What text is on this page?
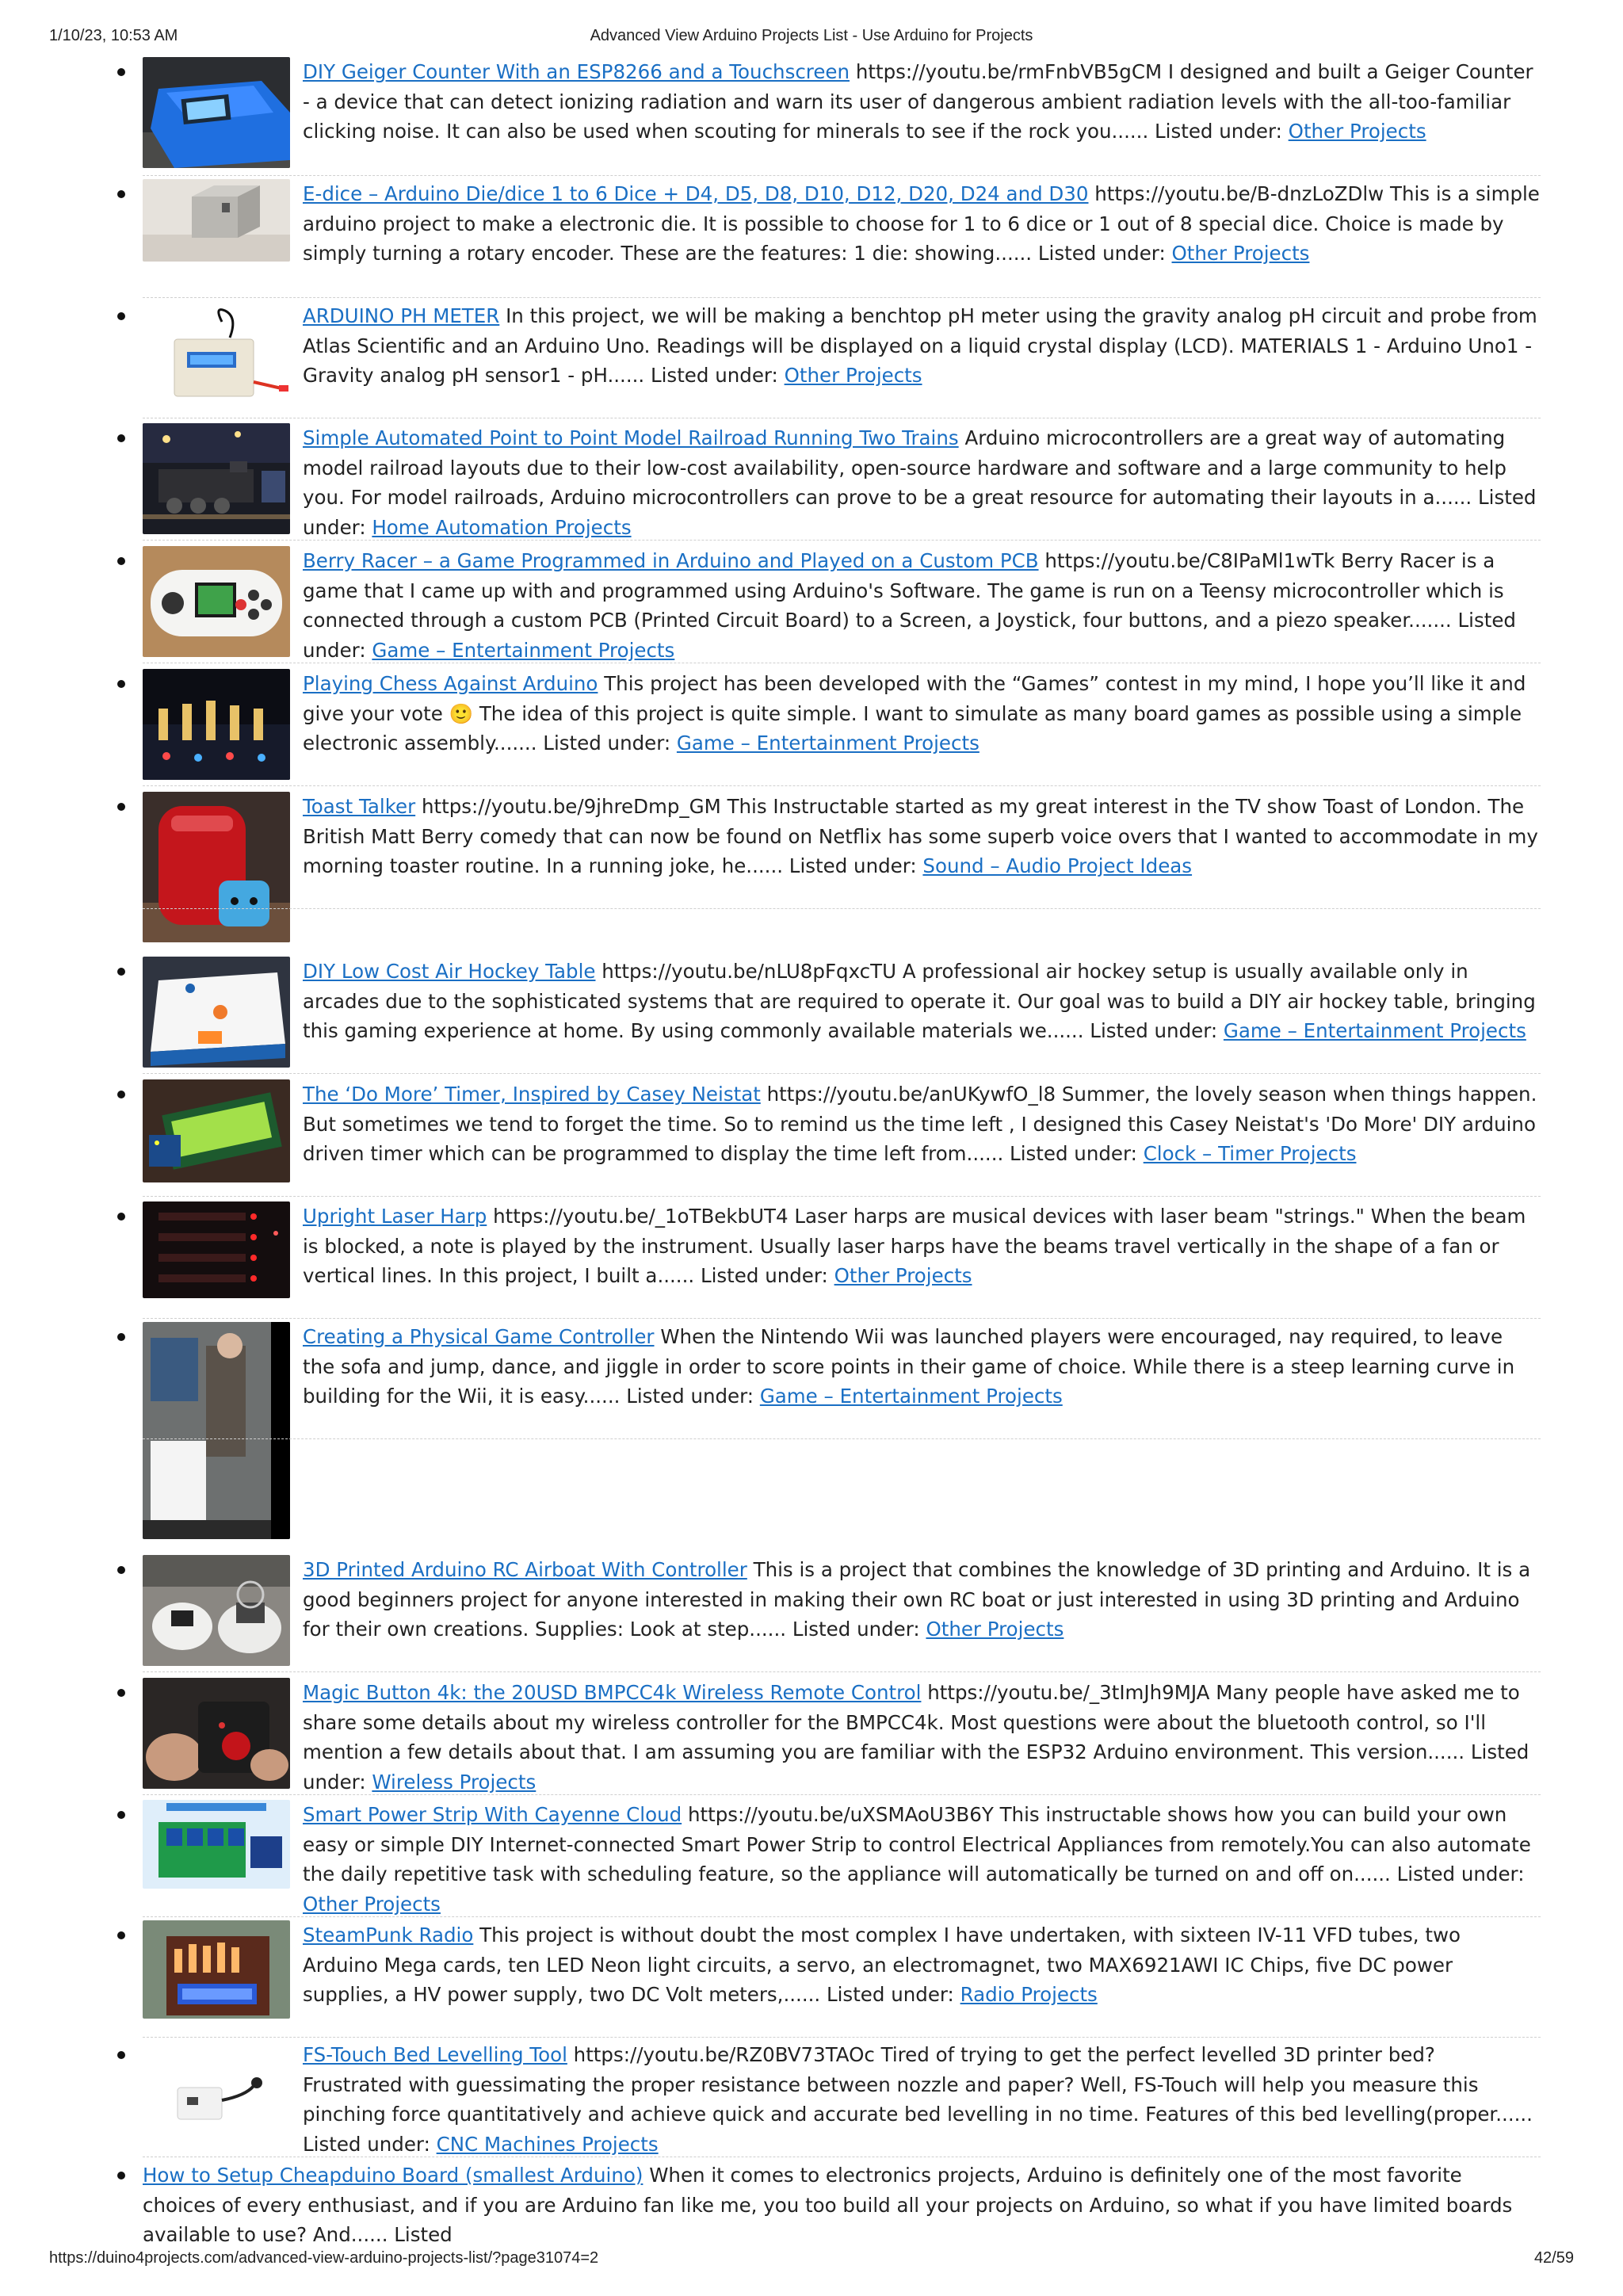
1/10/23, 10:53 AM	Advanced View Arduino Projects List - Use Arduino for Projects
DIY Geiger Counter With an ESP8266 and a Touchscreen https://youtu.be/rmFnbVB5gCM I designed and built a Geiger Counter - a device that can detect ionizing radiation and warn its user of dangerous ambient radiation levels with the all-too-familiar clicking noise. It can also be used when scouting for minerals to see if the rock you...... Listed under: Other Projects
E-dice – Arduino Die/dice 1 to 6 Dice + D4, D5, D8, D10, D12, D20, D24 and D30 https://youtu.be/B-dnzLoZDlw This is a simple arduino project to make a electronic die. It is possible to choose for 1 to 6 dice or 1 out of 8 special dice. Choice is made by simply turning a rotary encoder. These are the features: 1 die: showing...... Listed under: Other Projects
ARDUINO PH METER In this project, we will be making a benchtop pH meter using the gravity analog pH circuit and probe from Atlas Scientific and an Arduino Uno. Readings will be displayed on a liquid crystal display (LCD). MATERIALS 1 - Arduino Uno1 - Gravity analog pH sensor1 - pH...... Listed under: Other Projects
Simple Automated Point to Point Model Railroad Running Two Trains Arduino microcontrollers are a great way of automating model railroad layouts due to their low-cost availability, open-source hardware and software and a large community to help you. For model railroads, Arduino microcontrollers can prove to be a great resource for automating their layouts in a...... Listed under: Home Automation Projects
Berry Racer – a Game Programmed in Arduino and Played on a Custom PCB https://youtu.be/C8IPaMl1wTk Berry Racer is a game that I came up with and programmed using Arduino's Software. The game is run on a Teensy microcontroller which is connected through a custom PCB (Printed Circuit Board) to a Screen, a Joystick, four buttons, and a piezo speaker....... Listed under: Game – Entertainment Projects
Playing Chess Against Arduino This project has been developed with the “Games” contest in my mind, I hope you’ll like it and give your vote 🙂 The idea of this project is quite simple. I want to simulate as many board games as possible using a simple electronic assembly....... Listed under: Game – Entertainment Projects
Toast Talker https://youtu.be/9jhreDmp_GM This Instructable started as my great interest in the TV show Toast of London. The British Matt Berry comedy that can now be found on Netflix has some superb voice overs that I wanted to accommodate in my morning toaster routine. In a running joke, he...... Listed under: Sound – Audio Project Ideas
DIY Low Cost Air Hockey Table https://youtu.be/nLU8pFqxcTU A professional air hockey setup is usually available only in arcades due to the sophisticated systems that are required to operate it. Our goal was to build a DIY air hockey table, bringing this gaming experience at home. By using commonly available materials we...... Listed under: Game – Entertainment Projects
The ‘Do More’ Timer, Inspired by Casey Neistat https://youtu.be/anUKywfO_l8 Summer, the lovely season when things happen. But sometimes we tend to forget the time. So to remind us the time left , I designed this Casey Neistat's 'Do More' DIY arduino driven timer which can be programmed to display the time left from...... Listed under: Clock – Timer Projects
Upright Laser Harp https://youtu.be/_1oTBekbUT4 Laser harps are musical devices with laser beam "strings." When the beam is blocked, a note is played by the instrument. Usually laser harps have the beams travel vertically in the shape of a fan or vertical lines. In this project, I built a...... Listed under: Other Projects
Creating a Physical Game Controller When the Nintendo Wii was launched players were encouraged, nay required, to leave the sofa and jump, dance, and jiggle in order to score points in their game of choice. While there is a steep learning curve in building for the Wii, it is easy...... Listed under: Game – Entertainment Projects
3D Printed Arduino RC Airboat With Controller This is a project that combines the knowledge of 3D printing and Arduino. It is a good beginners project for anyone interested in making their own RC boat or just interested in using 3D printing and Arduino for their own creations. Supplies: Look at step...... Listed under: Other Projects
Magic Button 4k: the 20USD BMPCC4k Wireless Remote Control https://youtu.be/_3tImJh9MJA Many people have asked me to share some details about my wireless controller for the BMPCC4k. Most questions were about the bluetooth control, so I'll mention a few details about that. I am assuming you are familiar with the ESP32 Arduino environment. This version...... Listed under: Wireless Projects
Smart Power Strip With Cayenne Cloud https://youtu.be/uXSMAoU3B6Y This instructable shows how you can build your own easy or simple DIY Internet-connected Smart Power Strip to control Electrical Appliances from remotely.You can also automate the daily repetitive task with scheduling feature, so the appliance will automatically be turned on and off on...... Listed under: Other Projects
SteamPunk Radio This project is without doubt the most complex I have undertaken, with sixteen IV-11 VFD tubes, two Arduino Mega cards, ten LED Neon light circuits, a servo, an electromagnet, two MAX6921AWI IC Chips, five DC power supplies, a HV power supply, two DC Volt meters,...... Listed under: Radio Projects
FS-Touch Bed Levelling Tool https://youtu.be/RZ0BV73TAOc Tired of trying to get the perfect levelled 3D printer bed? Frustrated with guessimating the proper resistance between nozzle and paper? Well, FS-Touch will help you measure this pinching force quantitatively and achieve quick and accurate bed levelling in no time. Features of this bed levelling(proper...... Listed under: CNC Machines Projects
How to Setup Cheapduino Board (smallest Arduino) When it comes to electronics projects, Arduino is definitely one of the most favorite choices of every enthusiast, and if you are Arduino fan like me, you too build all your projects on Arduino, so what if you have limited boards available to use? And...... Listed
https://duino4projects.com/advanced-view-arduino-projects-list/?page31074=2	42/59
